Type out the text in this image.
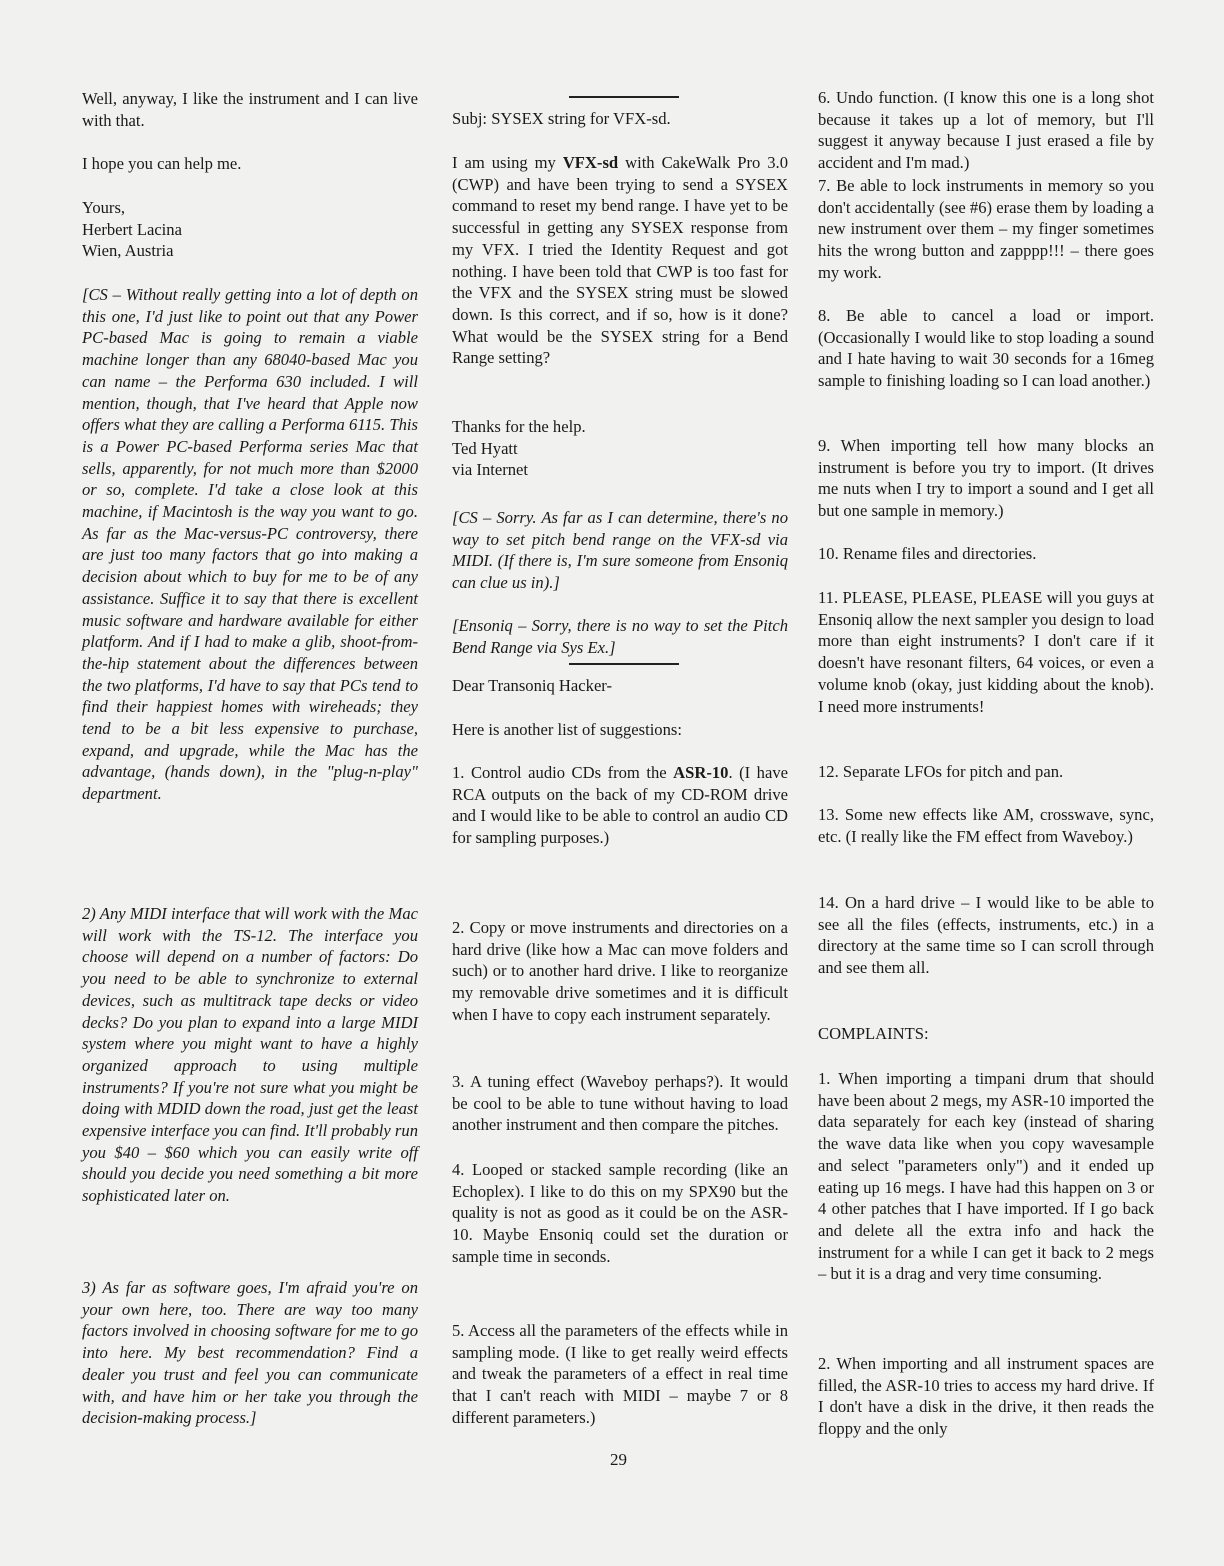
Well, anyway, I like the instrument and I can live with that.

I hope you can help me.

Yours,
Herbert Lacina
Wien, Austria

[CS – Without really getting into a lot of depth on this one, I'd just like to point out that any Power PC-based Mac is going to remain a viable machine longer than any 68040-based Mac you can name – the Performa 630 included. I will mention, though, that I've heard that Apple now offers what they are calling a Performa 6115. This is a Power PC-based Performa series Mac that sells, apparently, for not much more than $2000 or so, complete. I'd take a close look at this machine, if Macintosh is the way you want to go. As far as the Mac-versus-PC controversy, there are just too many factors that go into making a decision about which to buy for me to be of any assistance. Suffice it to say that there is excellent music software and hardware available for either platform. And if I had to make a glib, shoot-from-the-hip statement about the differences between the two platforms, I'd have to say that PCs tend to find their happiest homes with wireheads; they tend to be a bit less expensive to purchase, expand, and upgrade, while the Mac has the advantage, (hands down), in the "plug-n-play" department.

2) Any MIDI interface that will work with the Mac will work with the TS-12. The interface you choose will depend on a number of factors: Do you need to be able to synchronize to external devices, such as multitrack tape decks or video decks? Do you plan to expand into a large MIDI system where you might want to have a highly organized approach to using multiple instruments? If you're not sure what you might be doing with MDID down the road, just get the least expensive interface you can find. It'll probably run you $40 – $60 which you can easily write off should you decide you need something a bit more sophisticated later on.

3) As far as software goes, I'm afraid you're on your own here, too. There are way too many factors involved in choosing software for me to go into here. My best recommendation? Find a dealer you trust and feel you can communicate with, and have him or her take you through the decision-making process.]

Subj: SYSEX string for VFX-sd.

I am using my VFX-sd with CakeWalk Pro 3.0 (CWP) and have been trying to send a SYSEX command to reset my bend range. I have yet to be successful in getting any SYSEX response from my VFX. I tried the Identity Request and got nothing. I have been told that CWP is too fast for the VFX and the SYSEX string must be slowed down. Is this correct, and if so, how is it done? What would be the SYSEX string for a Bend Range setting?

Thanks for the help.
Ted Hyatt
via Internet

[CS – Sorry. As far as I can determine, there's no way to set pitch bend range on the VFX-sd via MIDI. (If there is, I'm sure someone from Ensoniq can clue us in).]

[Ensoniq – Sorry, there is no way to set the Pitch Bend Range via Sys Ex.]

Dear Transoniq Hacker-

Here is another list of suggestions:

1. Control audio CDs from the ASR-10. (I have RCA outputs on the back of my CD-ROM drive and I would like to be able to control an audio CD for sampling purposes.)

2. Copy or move instruments and directories on a hard drive (like how a Mac can move folders and such) or to another hard drive. I like to reorganize my removable drive sometimes and it is difficult when I have to copy each instrument separately.

3. A tuning effect (Waveboy perhaps?). It would be cool to be able to tune without having to load another instrument and then compare the pitches.

4. Looped or stacked sample recording (like an Echoplex). I like to do this on my SPX90 but the quality is not as good as it could be on the ASR-10. Maybe Ensoniq could set the duration or sample time in seconds.

5. Access all the parameters of the effects while in sampling mode. (I like to get really weird effects and tweak the parameters of a effect in real time that I can't reach with MIDI – maybe 7 or 8 different parameters.)

6. Undo function. (I know this one is a long shot because it takes up a lot of memory, but I'll suggest it anyway because I just erased a file by accident and I'm mad.)

7. Be able to lock instruments in memory so you don't accidentally (see #6) erase them by loading a new instrument over them – my finger sometimes hits the wrong button and zapppp!!! – there goes my work.

8. Be able to cancel a load or import. (Occasionally I would like to stop loading a sound and I hate having to wait 30 seconds for a 16meg sample to finishing loading so I can load another.)

9. When importing tell how many blocks an instrument is before you try to import. (It drives me nuts when I try to import a sound and I get all but one sample in memory.)

10. Rename files and directories.

11. PLEASE, PLEASE, PLEASE will you guys at Ensoniq allow the next sampler you design to load more than eight instruments? I don't care if it doesn't have resonant filters, 64 voices, or even a volume knob (okay, just kidding about the knob). I need more instruments!

12. Separate LFOs for pitch and pan.

13. Some new effects like AM, crosswave, sync, etc. (I really like the FM effect from Waveboy.)

14. On a hard drive – I would like to be able to see all the files (effects, instruments, etc.) in a directory at the same time so I can scroll through and see them all.

COMPLAINTS:

1. When importing a timpani drum that should have been about 2 megs, my ASR-10 imported the data separately for each key (instead of sharing the wave data like when you copy wavesample and select "parameters only") and it ended up eating up 16 megs. I have had this happen on 3 or 4 other patches that I have imported. If I go back and delete all the extra info and hack the instrument for a while I can get it back to 2 megs – but it is a drag and very time consuming.

2. When importing and all instrument spaces are filled, the ASR-10 tries to access my hard drive. If I don't have a disk in the drive, it then reads the floppy and the only

29
